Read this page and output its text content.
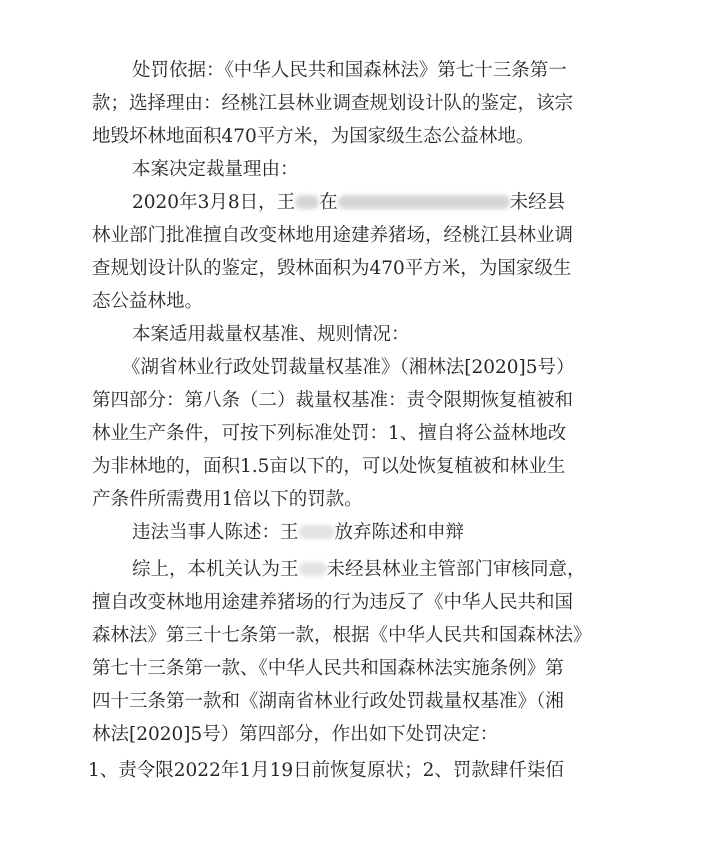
处罚依据：《中华人民共和国森林法》第七十三条第一
款；选择理由：经桃江县林业调查规划设计队的鉴定，该宗
地毁坏林地面积470平方米，为国家级生态公益林地。
本案决定裁量理由：
2020年3月8日，王 在	未经县
林业部门批准擅自改变林地用途建养猪场，经桃江县林业调
查规划设计队的鉴定，毁林面积为470平方米，为国家级生
态公益林地。
本案适用裁量权基准、规则情况：
《湖省林业行政处罚裁量权基准》（湘林法[2020]5号）
第四部分：第八条（二）裁量权基准：责令限期恢复植被和
林业生产条件，可按下列标准处罚：1、擅自将公益林地改
为非林地的，面积1.5亩以下的，可以处恢复植被和林业生
产条件所需费用1倍以下的罚款。
违法当事人陈述：王 放弃陈述和申辩
综上，本机关认为王 未经县林业主管部门审核同意，
擅自改变林地用途建养猪场的行为违反了《中华人民共和国
森林法》第三十七条第一款，根据《中华人民共和国森林法》
第七十三条第一款、《中华人民共和国森林法实施条例》第
四十三条第一款和《湖南省林业行政处罚裁量权基准》（湘
林法[2020]5号）第四部分，作出如下处罚决定：
1、责令限2022年1月19日前恢复原状；2、罚款肆仟柒佰
